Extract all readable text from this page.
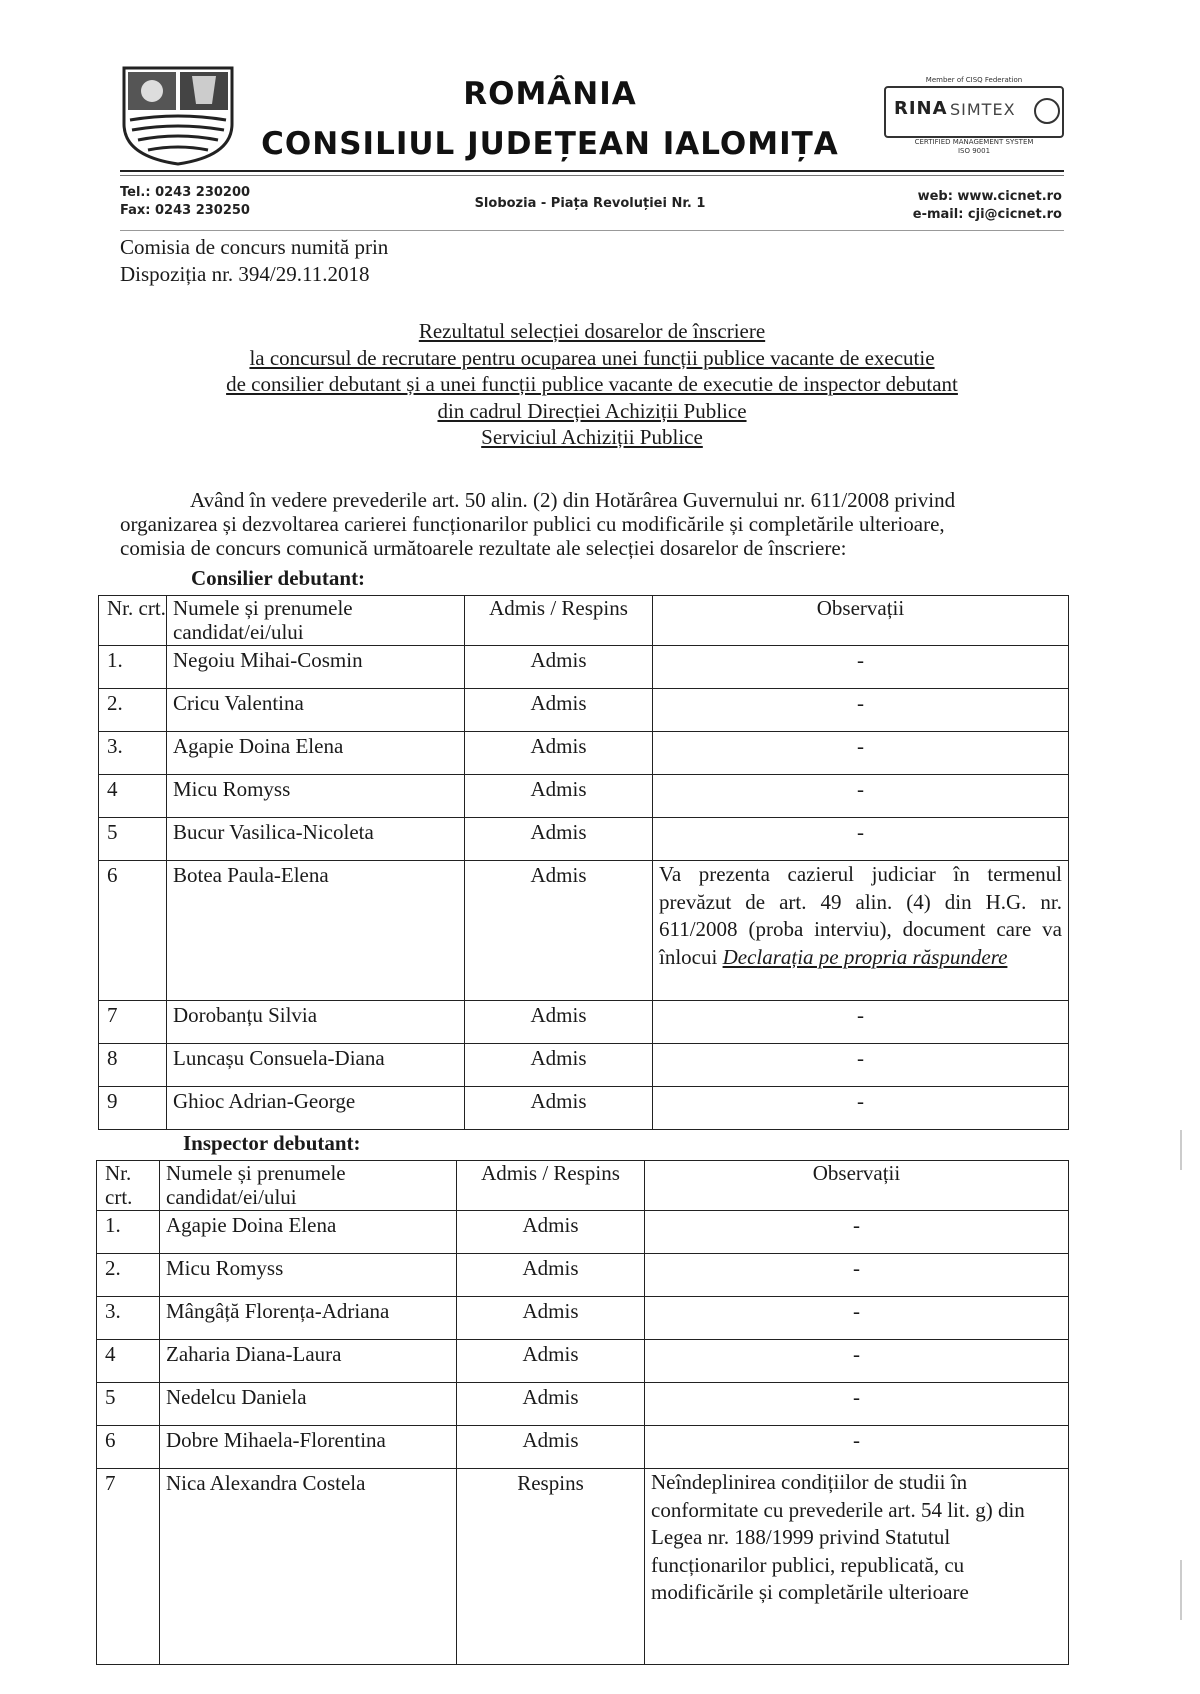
ROMÂNIA
CONSILIUL JUDEȚEAN IALOMIȚA
Member of CISQ Federation
RINA SIMTEX
CERTIFIED MANAGEMENT SYSTEM
ISO 9001
Tel.: 0243 230200
Fax: 0243 230250	Slobozia - Piața Revoluției Nr. 1	web: www.cicnet.ro
e-mail: cji@cicnet.ro
Comisia de concurs numită prin
Dispoziția nr. 394/29.11.2018
Rezultatul selecției dosarelor de înscriere
la concursul de recrutare pentru ocuparea unei funcții publice vacante de executie
de consilier debutant și a unei funcții publice vacante de executie de inspector debutant
din cadrul Direcției Achiziții Publice
Serviciul Achiziții Publice
Având în vedere prevederile art. 50 alin. (2) din Hotărârea Guvernului nr. 611/2008 privind
organizarea și dezvoltarea carierei funcționarilor publici cu modificările și completările ulterioare,
comisia de concurs comunică următoarele rezultate ale selecției dosarelor de înscriere:
Consilier debutant:
Nr. crt.	Numele și prenumele candidat/ei/ului	Admis / Respins	Observații
1.	Negoiu Mihai-Cosmin	Admis	-
2.	Cricu Valentina	Admis	-
3.	Agapie Doina Elena	Admis	-
4	Micu Romyss	Admis	-
5	Bucur Vasilica-Nicoleta	Admis	-
6	Botea Paula-Elena	Admis	Va prezenta cazierul judiciar în termenul prevăzut de art. 49 alin. (4) din H.G. nr. 611/2008 (proba interviu), document care va înlocui Declarația pe propria răspundere
7	Dorobanțu Silvia	Admis	-
8	Luncașu Consuela-Diana	Admis	-
9	Ghioc Adrian-George	Admis	-
Inspector debutant:
Nr. crt.	Numele și prenumele candidat/ei/ului	Admis / Respins	Observații
1.	Agapie Doina Elena	Admis	-
2.	Micu Romyss	Admis	-
3.	Mângâță Florența-Adriana	Admis	-
4	Zaharia Diana-Laura	Admis	-
5	Nedelcu Daniela	Admis	-
6	Dobre Mihaela-Florentina	Admis	-
7	Nica Alexandra Costela	Respins	Neîndeplinirea condițiilor de studii în conformitate cu prevederile art. 54 lit. g) din Legea nr. 188/1999 privind Statutul funcționarilor publici, republicată, cu modificările și completările ulterioare
